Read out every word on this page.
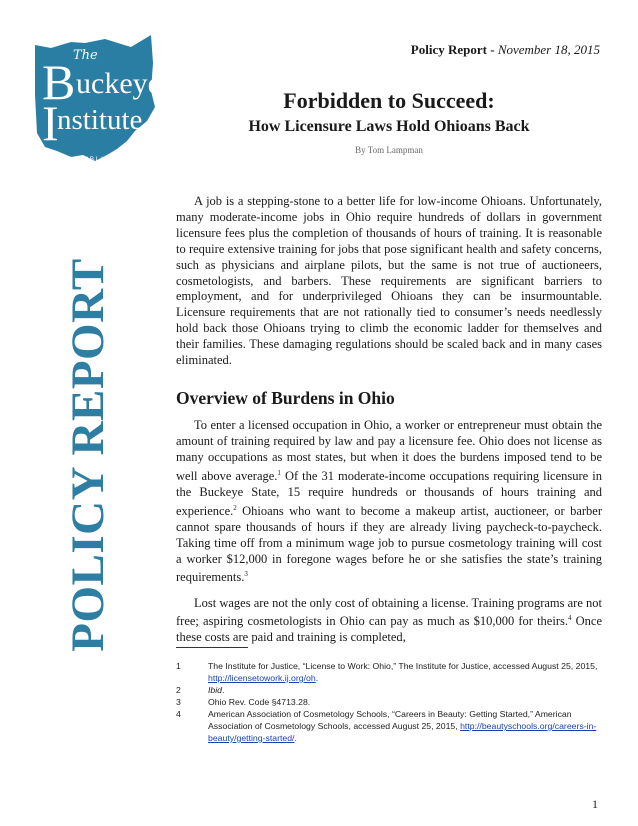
The
B uckeye
I
nstitute
FOR PUBLIC POLICY
SOLUTIONS
POLICY REPORT
Policy Report - November 18, 2015
Forbidden to Succeed:
How Licensure Laws Hold Ohioans Back
By Tom Lampman

A job is a stepping-stone to a better life for low-income Ohioans. Unfortunately, many moderate-income jobs in Ohio require hundreds of dollars in government licensure fees plus the completion of thousands of hours of training. It is reasonable to require extensive training for jobs that pose significant health and safety concerns, such as physicians and airplane pilots, but the same is not true of auctioneers, cosmetologists, and barbers. These requirements are significant barriers to employment, and for underprivileged Ohioans they can be insurmountable. Licensure requirements that are not rationally tied to consumer’s needs needlessly hold back those Ohioans trying to climb the economic ladder for themselves and their families. These damaging regulations should be scaled back and in many cases eliminated.

Overview of Burdens in Ohio

To enter a licensed occupation in Ohio, a worker or entrepreneur must obtain the amount of training required by law and pay a licensure fee. Ohio does not license as many occupations as most states, but when it does the burdens imposed tend to be well above average.$^1$ Of the 31 moderate-income occupations requiring licensure in the Buckeye State, 15 require hundreds or thousands of hours training and experience.$^2$ Ohioans who want to become a makeup artist, auctioneer, or barber cannot spare thousands of hours if they are already living paycheck-to-paycheck. Taking time off from a minimum wage job to pursue cosmetology training will cost a worker $12,000 in foregone wages before he or she satisfies the state’s training requirements.$^3$

Lost wages are not the only cost of obtaining a license. Training programs are not free; aspiring cosmetologists in Ohio can pay as much as $10,000 for theirs.$^4$ Once these costs are paid and training is completed,

1	The Institute for Justice, “License to Work: Ohio,” The Institute for Justice, accessed August 25, 2015, http://licensetowork.ij.org/oh.
2	Ibid.
3	Ohio Rev. Code §4713.28.
4	American Association of Cosmetology Schools, “Careers in Beauty: Getting Started,” American Association of Cosmetology Schools, accessed August 25, 2015, http://beautyschools.org/careers-in-beauty/getting-started/.
1
